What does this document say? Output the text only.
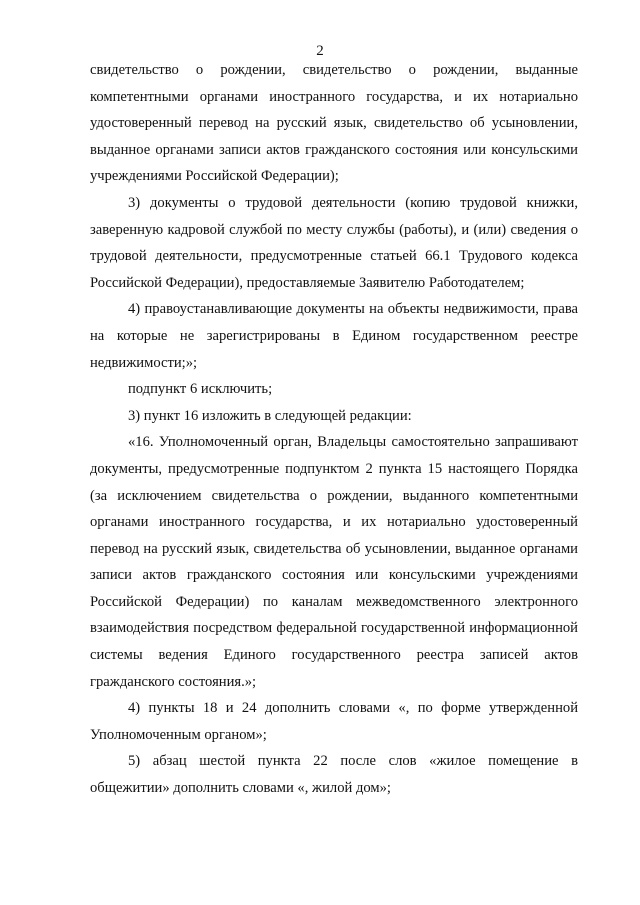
2

свидетельство о рождении, свидетельство о рождении, выданные компетентными органами иностранного государства, и их нотариально удостоверенный перевод на русский язык, свидетельство об усыновлении, выданное органами записи актов гражданского состояния или консульскими учреждениями Российской Федерации);

3) документы о трудовой деятельности (копию трудовой книжки, заверенную кадровой службой по месту службы (работы), и (или) сведения о трудовой деятельности, предусмотренные статьей 66.1 Трудового кодекса Российской Федерации), предоставляемые Заявителю Работодателем;

4) правоустанавливающие документы на объекты недвижимости, права на которые не зарегистрированы в Едином государственном реестре недвижимости;»;

подпункт 6 исключить;

3) пункт 16 изложить в следующей редакции:

«16. Уполномоченный орган, Владельцы самостоятельно запрашивают документы, предусмотренные подпунктом 2 пункта 15 настоящего Порядка (за исключением свидетельства о рождении, выданного компетентными органами иностранного государства, и их нотариально удостоверенный перевод на русский язык, свидетельства об усыновлении, выданное органами записи актов гражданского состояния или консульскими учреждениями Российской Федерации) по каналам межведомственного электронного взаимодействия посредством федеральной государственной информационной системы ведения Единого государственного реестра записей актов гражданского состояния.»;

4) пункты 18 и 24 дополнить словами «, по форме утвержденной Уполномоченным органом»;

5) абзац шестой пункта 22 после слов «жилое помещение в общежитии» дополнить словами «, жилой дом»;
